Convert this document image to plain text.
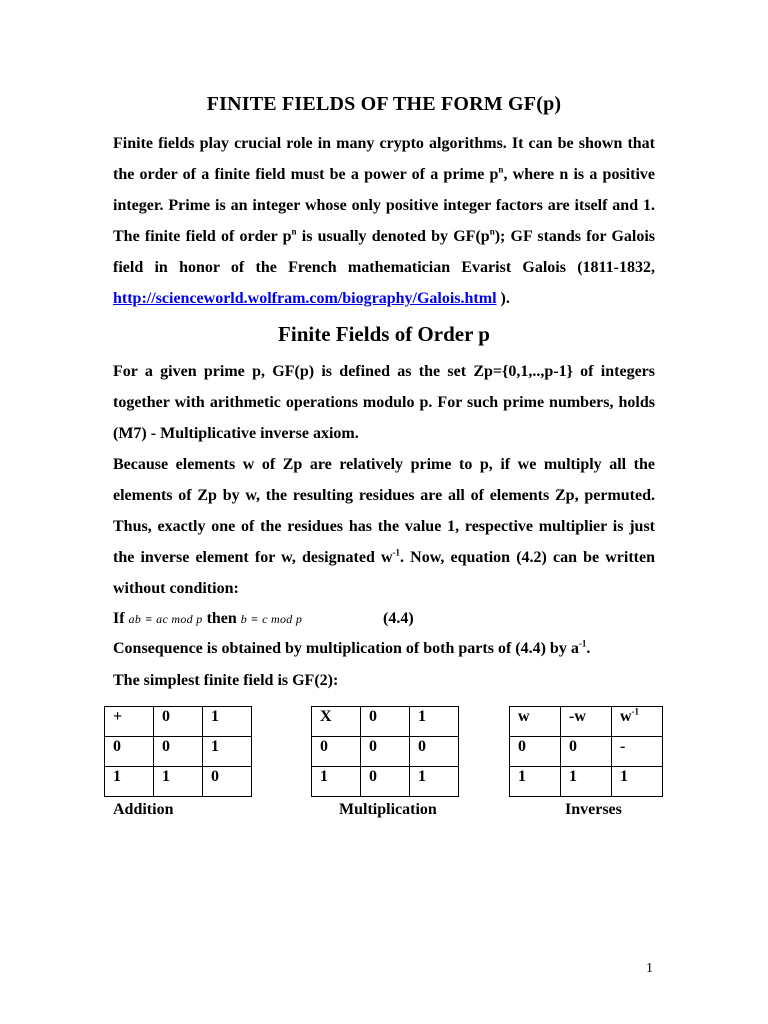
FINITE FIELDS OF THE FORM GF(p)
Finite fields play crucial role in many crypto algorithms. It can be shown that the order of a finite field must be a power of a prime $p^n$, where n is a positive integer. Prime is an integer whose only positive integer factors are itself and 1. The finite field of order $p^n$ is usually denoted by $GF(p^n)$; GF stands for Galois field in honor of the French mathematician Evarist Galois (1811-1832, http://scienceworld.wolfram.com/biography/Galois.html ).
Finite Fields of Order p
For a given prime p, GF(p) is defined as the set Zp={0,1,..,p-1} of integers together with arithmetic operations modulo p. For such prime numbers, holds (M7) - Multiplicative inverse axiom.
Because elements w of Zp are relatively prime to p, if we multiply all the elements of Zp by w, the resulting residues are all of elements Zp, permuted. Thus, exactly one of the residues has the value 1, respective multiplier is just the inverse element for w, designated $w^{-1}$. Now, equation (4.2) can be written without condition:
If ab ≡ ac mod p then b ≡ c mod p	(4.4)
Consequence is obtained by multiplication of both parts of (4.4) by $a^{-1}$.
The simplest finite field is GF(2):
+	0	1
0	0	1
1	1	0
X	0	1
0	0	0
1	0	1
w	-w	$w^{-1}$
0	0	-
1	1	1
Addition	Multiplication	Inverses
1
